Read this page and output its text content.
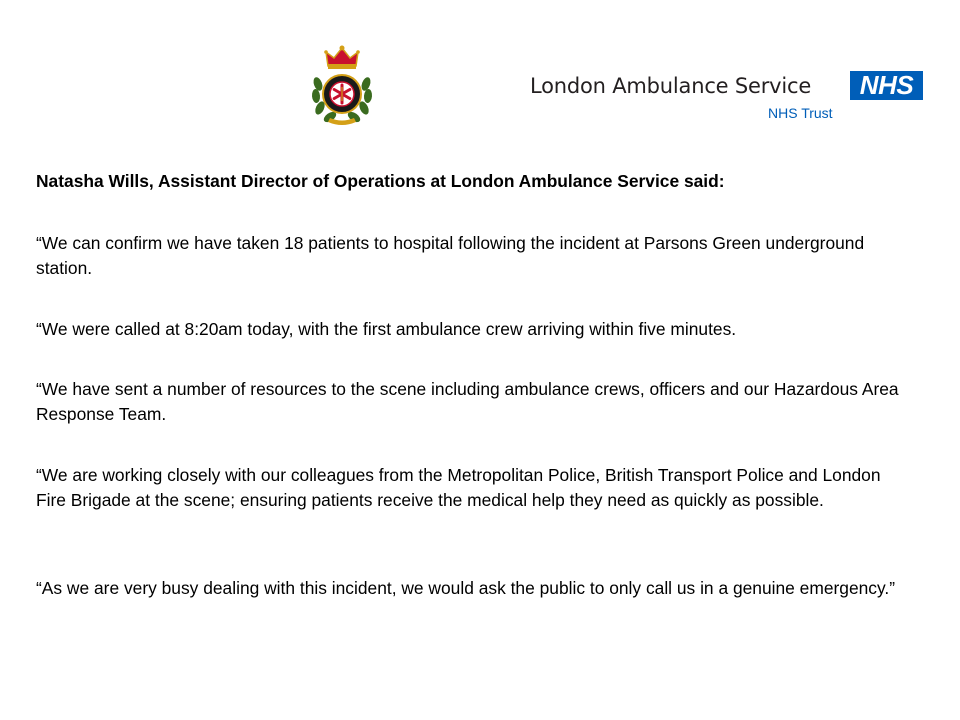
London Ambulance Service	NHS
NHS Trust

Natasha Wills, Assistant Director of Operations at London Ambulance Service said:

“We can confirm we have taken 18 patients to hospital following the incident at Parsons Green underground station.

“We were called at 8:20am today, with the first ambulance crew arriving within five minutes.

“We have sent a number of resources to the scene including ambulance crews, officers and our Hazardous Area Response Team.

“We are working closely with our colleagues from the Metropolitan Police, British Transport Police and London Fire Brigade at the scene; ensuring patients receive the medical help they need as quickly as possible.

“As we are very busy dealing with this incident, we would ask the public to only call us in a genuine emergency.”
